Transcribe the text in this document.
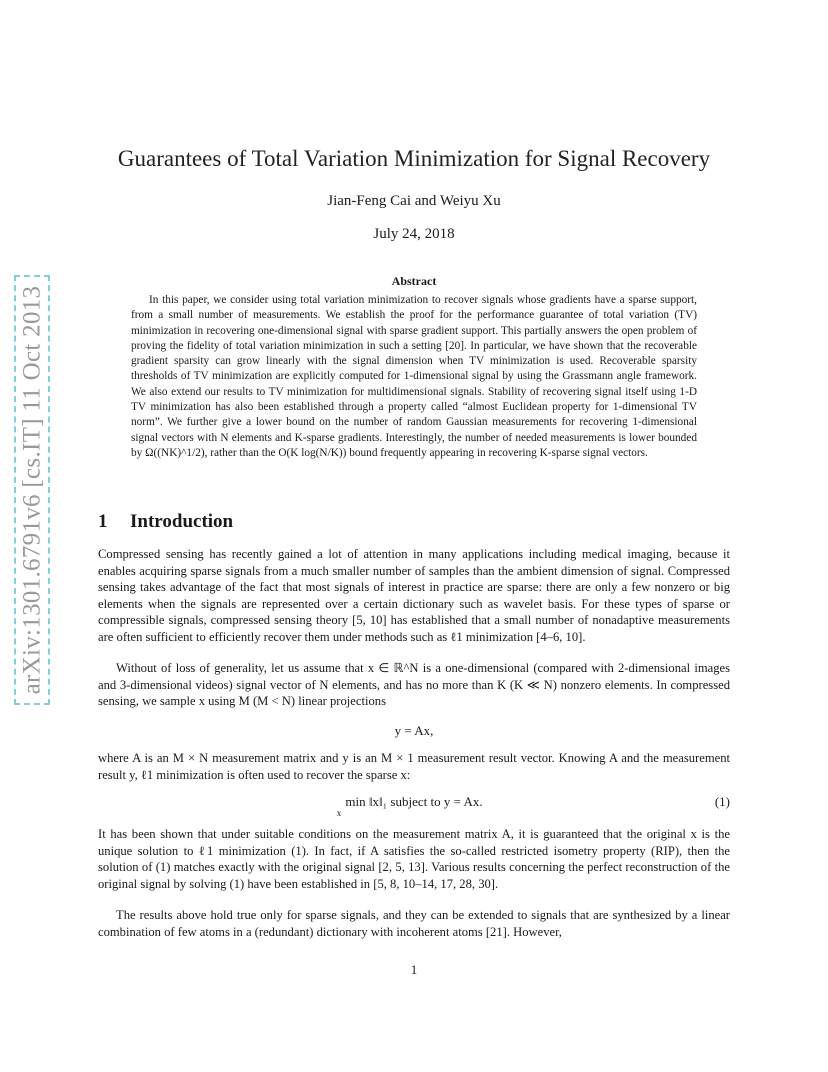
arXiv:1301.6791v6 [cs.IT] 11 Oct 2013
Guarantees of Total Variation Minimization for Signal Recovery
Jian-Feng Cai and Weiyu Xu
July 24, 2018
Abstract
In this paper, we consider using total variation minimization to recover signals whose gradients have a sparse support, from a small number of measurements. We establish the proof for the performance guarantee of total variation (TV) minimization in recovering one-dimensional signal with sparse gradient support. This partially answers the open problem of proving the fidelity of total variation minimization in such a setting [20]. In particular, we have shown that the recoverable gradient sparsity can grow linearly with the signal dimension when TV minimization is used. Recoverable sparsity thresholds of TV minimization are explicitly computed for 1-dimensional signal by using the Grassmann angle framework. We also extend our results to TV minimization for multidimensional signals. Stability of recovering signal itself using 1-D TV minimization has also been established through a property called “almost Euclidean property for 1-dimensional TV norm”. We further give a lower bound on the number of random Gaussian measurements for recovering 1-dimensional signal vectors with N elements and K-sparse gradients. Interestingly, the number of needed measurements is lower bounded by Ω((NK)^1/2), rather than the O(K log(N/K)) bound frequently appearing in recovering K-sparse signal vectors.
1 Introduction
Compressed sensing has recently gained a lot of attention in many applications including medical imaging, because it enables acquiring sparse signals from a much smaller number of samples than the ambient dimension of signal. Compressed sensing takes advantage of the fact that most signals of interest in practice are sparse: there are only a few nonzero or big elements when the signals are represented over a certain dictionary such as wavelet basis. For these types of sparse or compressible signals, compressed sensing theory [5, 10] has established that a small number of nonadaptive measurements are often sufficient to efficiently recover them under methods such as ℓ1 minimization [4–6, 10].
Without of loss of generality, let us assume that x ∈ ℝ^N is a one-dimensional (compared with 2-dimensional images and 3-dimensional videos) signal vector of N elements, and has no more than K (K ≪ N) nonzero elements. In compressed sensing, we sample x using M (M < N) linear projections
y = Ax,
where A is an M × N measurement matrix and y is an M × 1 measurement result vector. Knowing A and the measurement result y, ℓ1 minimization is often used to recover the sparse x:
min ‖x‖₁ subject to y = Ax.
x
(1)
It has been shown that under suitable conditions on the measurement matrix A, it is guaranteed that the original x is the unique solution to ℓ1 minimization (1). In fact, if A satisfies the so-called restricted isometry property (RIP), then the solution of (1) matches exactly with the original signal [2, 5, 13]. Various results concerning the perfect reconstruction of the original signal by solving (1) have been established in [5, 8, 10–14, 17, 28, 30].
The results above hold true only for sparse signals, and they can be extended to signals that are synthesized by a linear combination of few atoms in a (redundant) dictionary with incoherent atoms [21]. However,
1
